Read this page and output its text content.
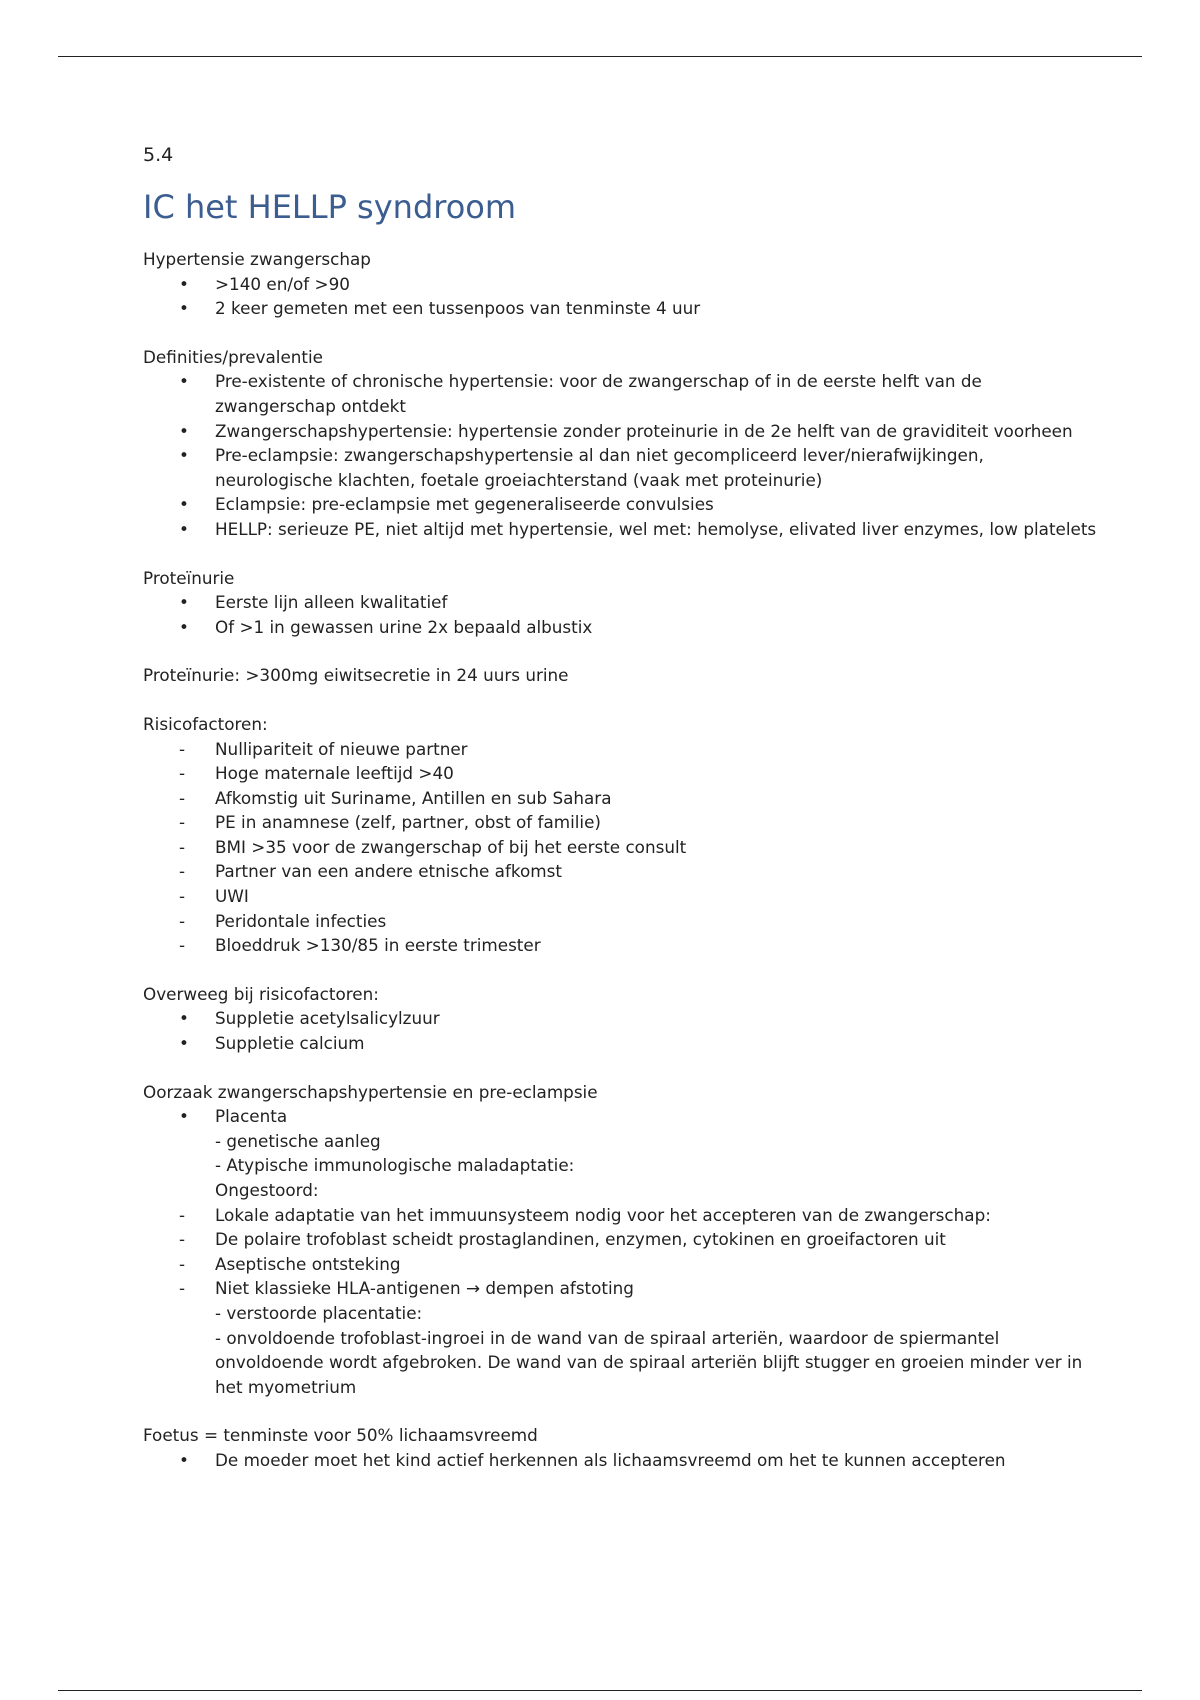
5.4
IC het HELLP syndroom

Hypertensie zwangerschap

•	>140 en/of >90
•	2 keer gemeten met een tussenpoos van tenminste 4 uur

Definities/prevalentie

•	Pre-existente of chronische hypertensie: voor de zwangerschap of in de eerste helft van de zwangerschap ontdekt
•	Zwangerschapshypertensie: hypertensie zonder proteinurie in de 2e helft van de graviditeit voorheen
•	Pre-eclampsie: zwangerschapshypertensie al dan niet gecompliceerd lever/nierafwijkingen, neurologische klachten, foetale groeiachterstand (vaak met proteinurie)
•	Eclampsie: pre-eclampsie met gegeneraliseerde convulsies
•	HELLP: serieuze PE, niet altijd met hypertensie, wel met: hemolyse, elivated liver enzymes, low platelets

Proteïnurie

•	Eerste lijn alleen kwalitatief
•	Of >1 in gewassen urine 2x bepaald albustix

Proteïnurie: >300mg eiwitsecretie in 24 uurs urine

Risicofactoren:

-	Nullipariteit of nieuwe partner
-	Hoge maternale leeftijd >40
-	Afkomstig uit Suriname, Antillen en sub Sahara
-	PE in anamnese (zelf, partner, obst of familie)
-	BMI >35 voor de zwangerschap of bij het eerste consult
-	Partner van een andere etnische afkomst
-	UWI
-	Peridontale infecties
-	Bloeddruk >130/85 in eerste trimester

Overweeg bij risicofactoren:

•	Suppletie acetylsalicylzuur
•	Suppletie calcium

Oorzaak zwangerschapshypertensie en pre-eclampsie

•	Placenta
- genetische aanleg
- Atypische immunologische maladaptatie:
Ongestoord:
-	Lokale adaptatie van het immuunsysteem nodig voor het accepteren van de zwangerschap:
-	De polaire trofoblast scheidt prostaglandinen, enzymen, cytokinen en groeifactoren uit
-	Aseptische ontsteking
-	Niet klassieke HLA-antigenen → dempen afstoting
- verstoorde placentatie:
- onvoldoende trofoblast-ingroei in de wand van de spiraal arteriën, waardoor de spiermantel onvoldoende wordt afgebroken. De wand van de spiraal arteriën blijft stugger en groeien minder ver in het myometrium

Foetus = tenminste voor 50% lichaamsvreemd

•	De moeder moet het kind actief herkennen als lichaamsvreemd om het te kunnen accepteren
